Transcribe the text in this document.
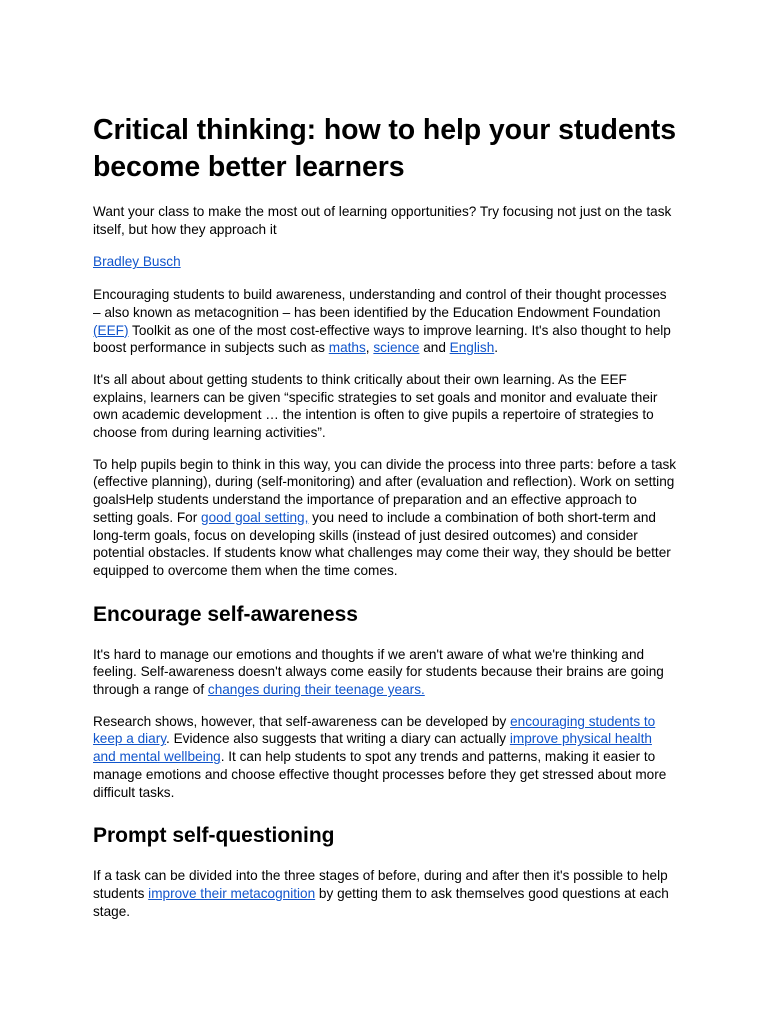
Critical thinking: how to help your students become better learners

Want your class to make the most out of learning opportunities? Try focusing not just on the task itself, but how they approach it

Bradley Busch

Encouraging students to build awareness, understanding and control of their thought processes – also known as metacognition – has been identified by the Education Endowment Foundation (EEF) Toolkit as one of the most cost-effective ways to improve learning. It's also thought to help boost performance in subjects such as maths, science and English.

It's all about about getting students to think critically about their own learning. As the EEF explains, learners can be given “specific strategies to set goals and monitor and evaluate their own academic development … the intention is often to give pupils a repertoire of strategies to choose from during learning activities”.

To help pupils begin to think in this way, you can divide the process into three parts: before a task (effective planning), during (self-monitoring) and after (evaluation and reflection). Work on setting goalsHelp students understand the importance of preparation and an effective approach to setting goals. For good goal setting, you need to include a combination of both short-term and long-term goals, focus on developing skills (instead of just desired outcomes) and consider potential obstacles. If students know what challenges may come their way, they should be better equipped to overcome them when the time comes.

Encourage self-awareness

It's hard to manage our emotions and thoughts if we aren't aware of what we're thinking and feeling. Self-awareness doesn't always come easily for students because their brains are going through a range of changes during their teenage years.

Research shows, however, that self-awareness can be developed by encouraging students to keep a diary. Evidence also suggests that writing a diary can actually improve physical health and mental wellbeing. It can help students to spot any trends and patterns, making it easier to manage emotions and choose effective thought processes before they get stressed about more difficult tasks.

Prompt self-questioning

If a task can be divided into the three stages of before, during and after then it's possible to help students improve their metacognition by getting them to ask themselves good questions at each stage.
